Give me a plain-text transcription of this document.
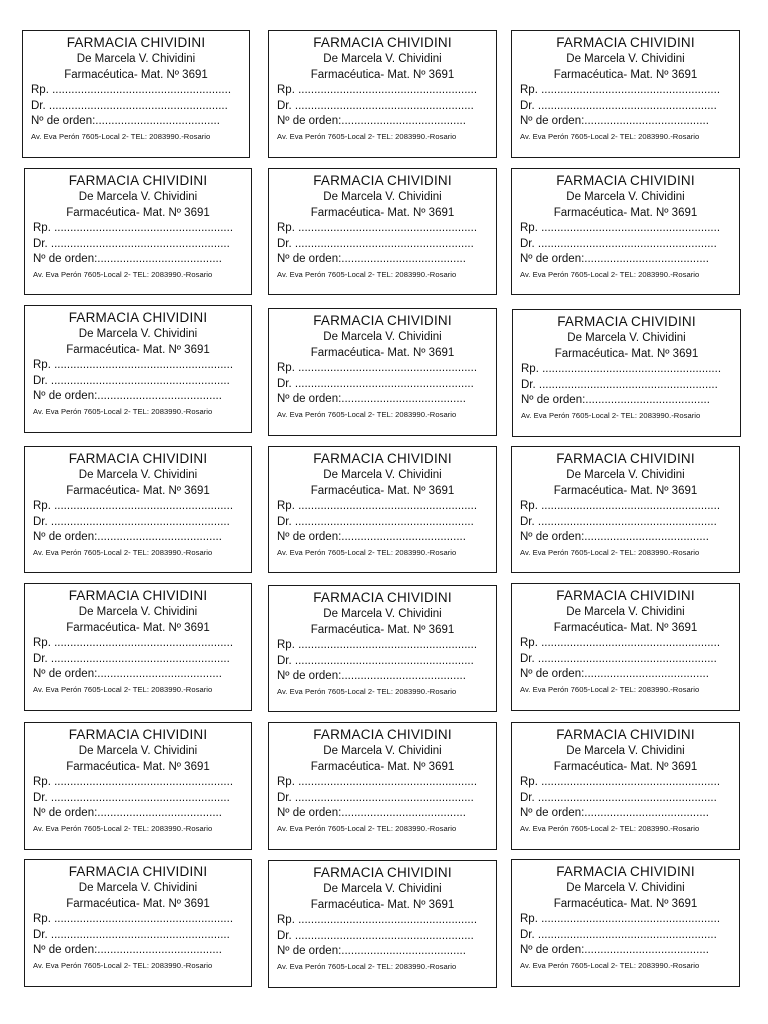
FARMACIA CHIVIDINI
De Marcela V. Chividini
Farmacéutica- Mat. Nº 3691
Rp. ........................................................
Dr. ........................................................
Nº de orden:.......................................
Av. Eva Perón 7605-Local 2- TEL: 2083990.-Rosario
FARMACIA CHIVIDINI
De Marcela V. Chividini
Farmacéutica- Mat. Nº 3691
Rp. ........................................................
Dr. ........................................................
Nº de orden:.......................................
Av. Eva Perón 7605-Local 2- TEL: 2083990.-Rosario
FARMACIA CHIVIDINI
De Marcela V. Chividini
Farmacéutica- Mat. Nº 3691
Rp. ........................................................
Dr. ........................................................
Nº de orden:.......................................
Av. Eva Perón 7605-Local 2- TEL: 2083990.-Rosario
FARMACIA CHIVIDINI
De Marcela V. Chividini
Farmacéutica- Mat. Nº 3691
Rp. ........................................................
Dr. ........................................................
Nº de orden:.......................................
Av. Eva Perón 7605-Local 2- TEL: 2083990.-Rosario
FARMACIA CHIVIDINI
De Marcela V. Chividini
Farmacéutica- Mat. Nº 3691
Rp. ........................................................
Dr. ........................................................
Nº de orden:.......................................
Av. Eva Perón 7605-Local 2- TEL: 2083990.-Rosario
FARMACIA CHIVIDINI
De Marcela V. Chividini
Farmacéutica- Mat. Nº 3691
Rp. ........................................................
Dr. ........................................................
Nº de orden:.......................................
Av. Eva Perón 7605-Local 2- TEL: 2083990.-Rosario
FARMACIA CHIVIDINI
De Marcela V. Chividini
Farmacéutica- Mat. Nº 3691
Rp. ........................................................
Dr. ........................................................
Nº de orden:.......................................
Av. Eva Perón 7605-Local 2- TEL: 2083990.-Rosario
FARMACIA CHIVIDINI
De Marcela V. Chividini
Farmacéutica- Mat. Nº 3691
Rp. ........................................................
Dr. ........................................................
Nº de orden:.......................................
Av. Eva Perón 7605-Local 2- TEL: 2083990.-Rosario
FARMACIA CHIVIDINI
De Marcela V. Chividini
Farmacéutica- Mat. Nº 3691
Rp. ........................................................
Dr. ........................................................
Nº de orden:.......................................
Av. Eva Perón 7605-Local 2- TEL: 2083990.-Rosario
FARMACIA CHIVIDINI
De Marcela V. Chividini
Farmacéutica- Mat. Nº 3691
Rp. ........................................................
Dr. ........................................................
Nº de orden:.......................................
Av. Eva Perón 7605-Local 2- TEL: 2083990.-Rosario
FARMACIA CHIVIDINI
De Marcela V. Chividini
Farmacéutica- Mat. Nº 3691
Rp. ........................................................
Dr. ........................................................
Nº de orden:.......................................
Av. Eva Perón 7605-Local 2- TEL: 2083990.-Rosario
FARMACIA CHIVIDINI
De Marcela V. Chividini
Farmacéutica- Mat. Nº 3691
Rp. ........................................................
Dr. ........................................................
Nº de orden:.......................................
Av. Eva Perón 7605-Local 2- TEL: 2083990.-Rosario
FARMACIA CHIVIDINI
De Marcela V. Chividini
Farmacéutica- Mat. Nº 3691
Rp. ........................................................
Dr. ........................................................
Nº de orden:.......................................
Av. Eva Perón 7605-Local 2- TEL: 2083990.-Rosario
FARMACIA CHIVIDINI
De Marcela V. Chividini
Farmacéutica- Mat. Nº 3691
Rp. ........................................................
Dr. ........................................................
Nº de orden:.......................................
Av. Eva Perón 7605-Local 2- TEL: 2083990.-Rosario
FARMACIA CHIVIDINI
De Marcela V. Chividini
Farmacéutica- Mat. Nº 3691
Rp. ........................................................
Dr. ........................................................
Nº de orden:.......................................
Av. Eva Perón 7605-Local 2- TEL: 2083990.-Rosario
FARMACIA CHIVIDINI
De Marcela V. Chividini
Farmacéutica- Mat. Nº 3691
Rp. ........................................................
Dr. ........................................................
Nº de orden:.......................................
Av. Eva Perón 7605-Local 2- TEL: 2083990.-Rosario
FARMACIA CHIVIDINI
De Marcela V. Chividini
Farmacéutica- Mat. Nº 3691
Rp. ........................................................
Dr. ........................................................
Nº de orden:.......................................
Av. Eva Perón 7605-Local 2- TEL: 2083990.-Rosario
FARMACIA CHIVIDINI
De Marcela V. Chividini
Farmacéutica- Mat. Nº 3691
Rp. ........................................................
Dr. ........................................................
Nº de orden:.......................................
Av. Eva Perón 7605-Local 2- TEL: 2083990.-Rosario
FARMACIA CHIVIDINI
De Marcela V. Chividini
Farmacéutica- Mat. Nº 3691
Rp. ........................................................
Dr. ........................................................
Nº de orden:.......................................
Av. Eva Perón 7605-Local 2- TEL: 2083990.-Rosario
FARMACIA CHIVIDINI
De Marcela V. Chividini
Farmacéutica- Mat. Nº 3691
Rp. ........................................................
Dr. ........................................................
Nº de orden:.......................................
Av. Eva Perón 7605-Local 2- TEL: 2083990.-Rosario
FARMACIA CHIVIDINI
De Marcela V. Chividini
Farmacéutica- Mat. Nº 3691
Rp. ........................................................
Dr. ........................................................
Nº de orden:.......................................
Av. Eva Perón 7605-Local 2- TEL: 2083990.-Rosario
